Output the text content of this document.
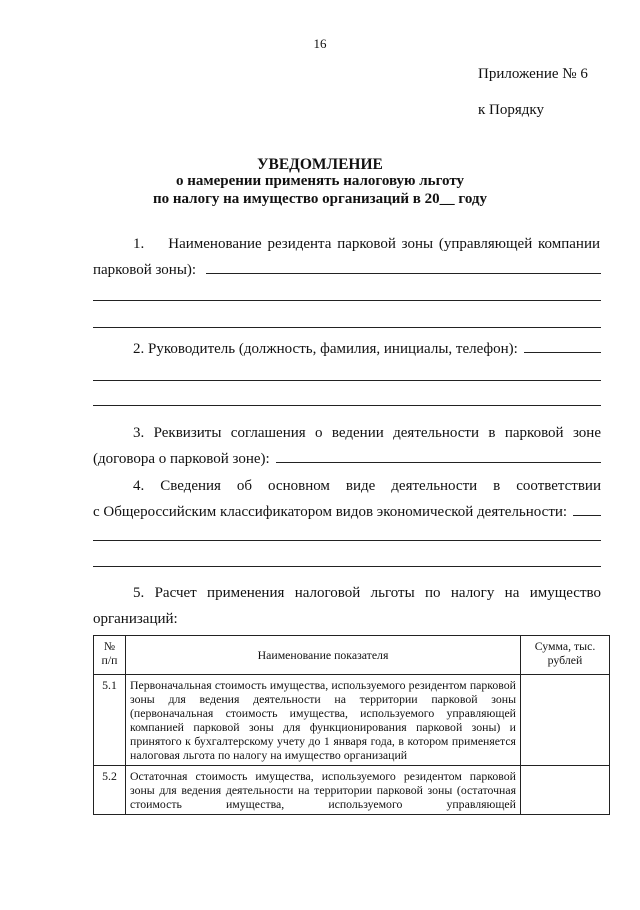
16
Приложение № 6
к Порядку
УВЕДОМЛЕНИЕ
о намерении применять налоговую льготу
по налогу на имущество организаций в 20__ году
1. Наименование резидента парковой зоны (управляющей компании
парковой зоны):
2. Руководитель (должность, фамилия, инициалы, телефон):
3. Реквизиты соглашения о ведении деятельности в парковой зоне
(договора о парковой зоне):
4. Сведения об основном виде деятельности в соответствии
с Общероссийским классификатором видов экономической деятельности:
5. Расчет применения налоговой льготы по налогу на имущество
организаций:
№ п/п	Наименование показателя	Сумма, тыс. рублей
5.1	Первоначальная стоимость имущества, используемого резидентом парковой зоны для ведения деятельности на территории парковой зоны (первоначальная стоимость имущества, используемого управляющей компанией парковой зоны для функционирования парковой зоны) и принятого к бухгалтерскому учету до 1 января года, в котором применяется налоговая льгота по налогу на имущество организаций	
5.2	Остаточная стоимость имущества, используемого резидентом парковой зоны для ведения деятельности на территории парковой зоны (остаточная стоимость имущества, используемого управляющей	
